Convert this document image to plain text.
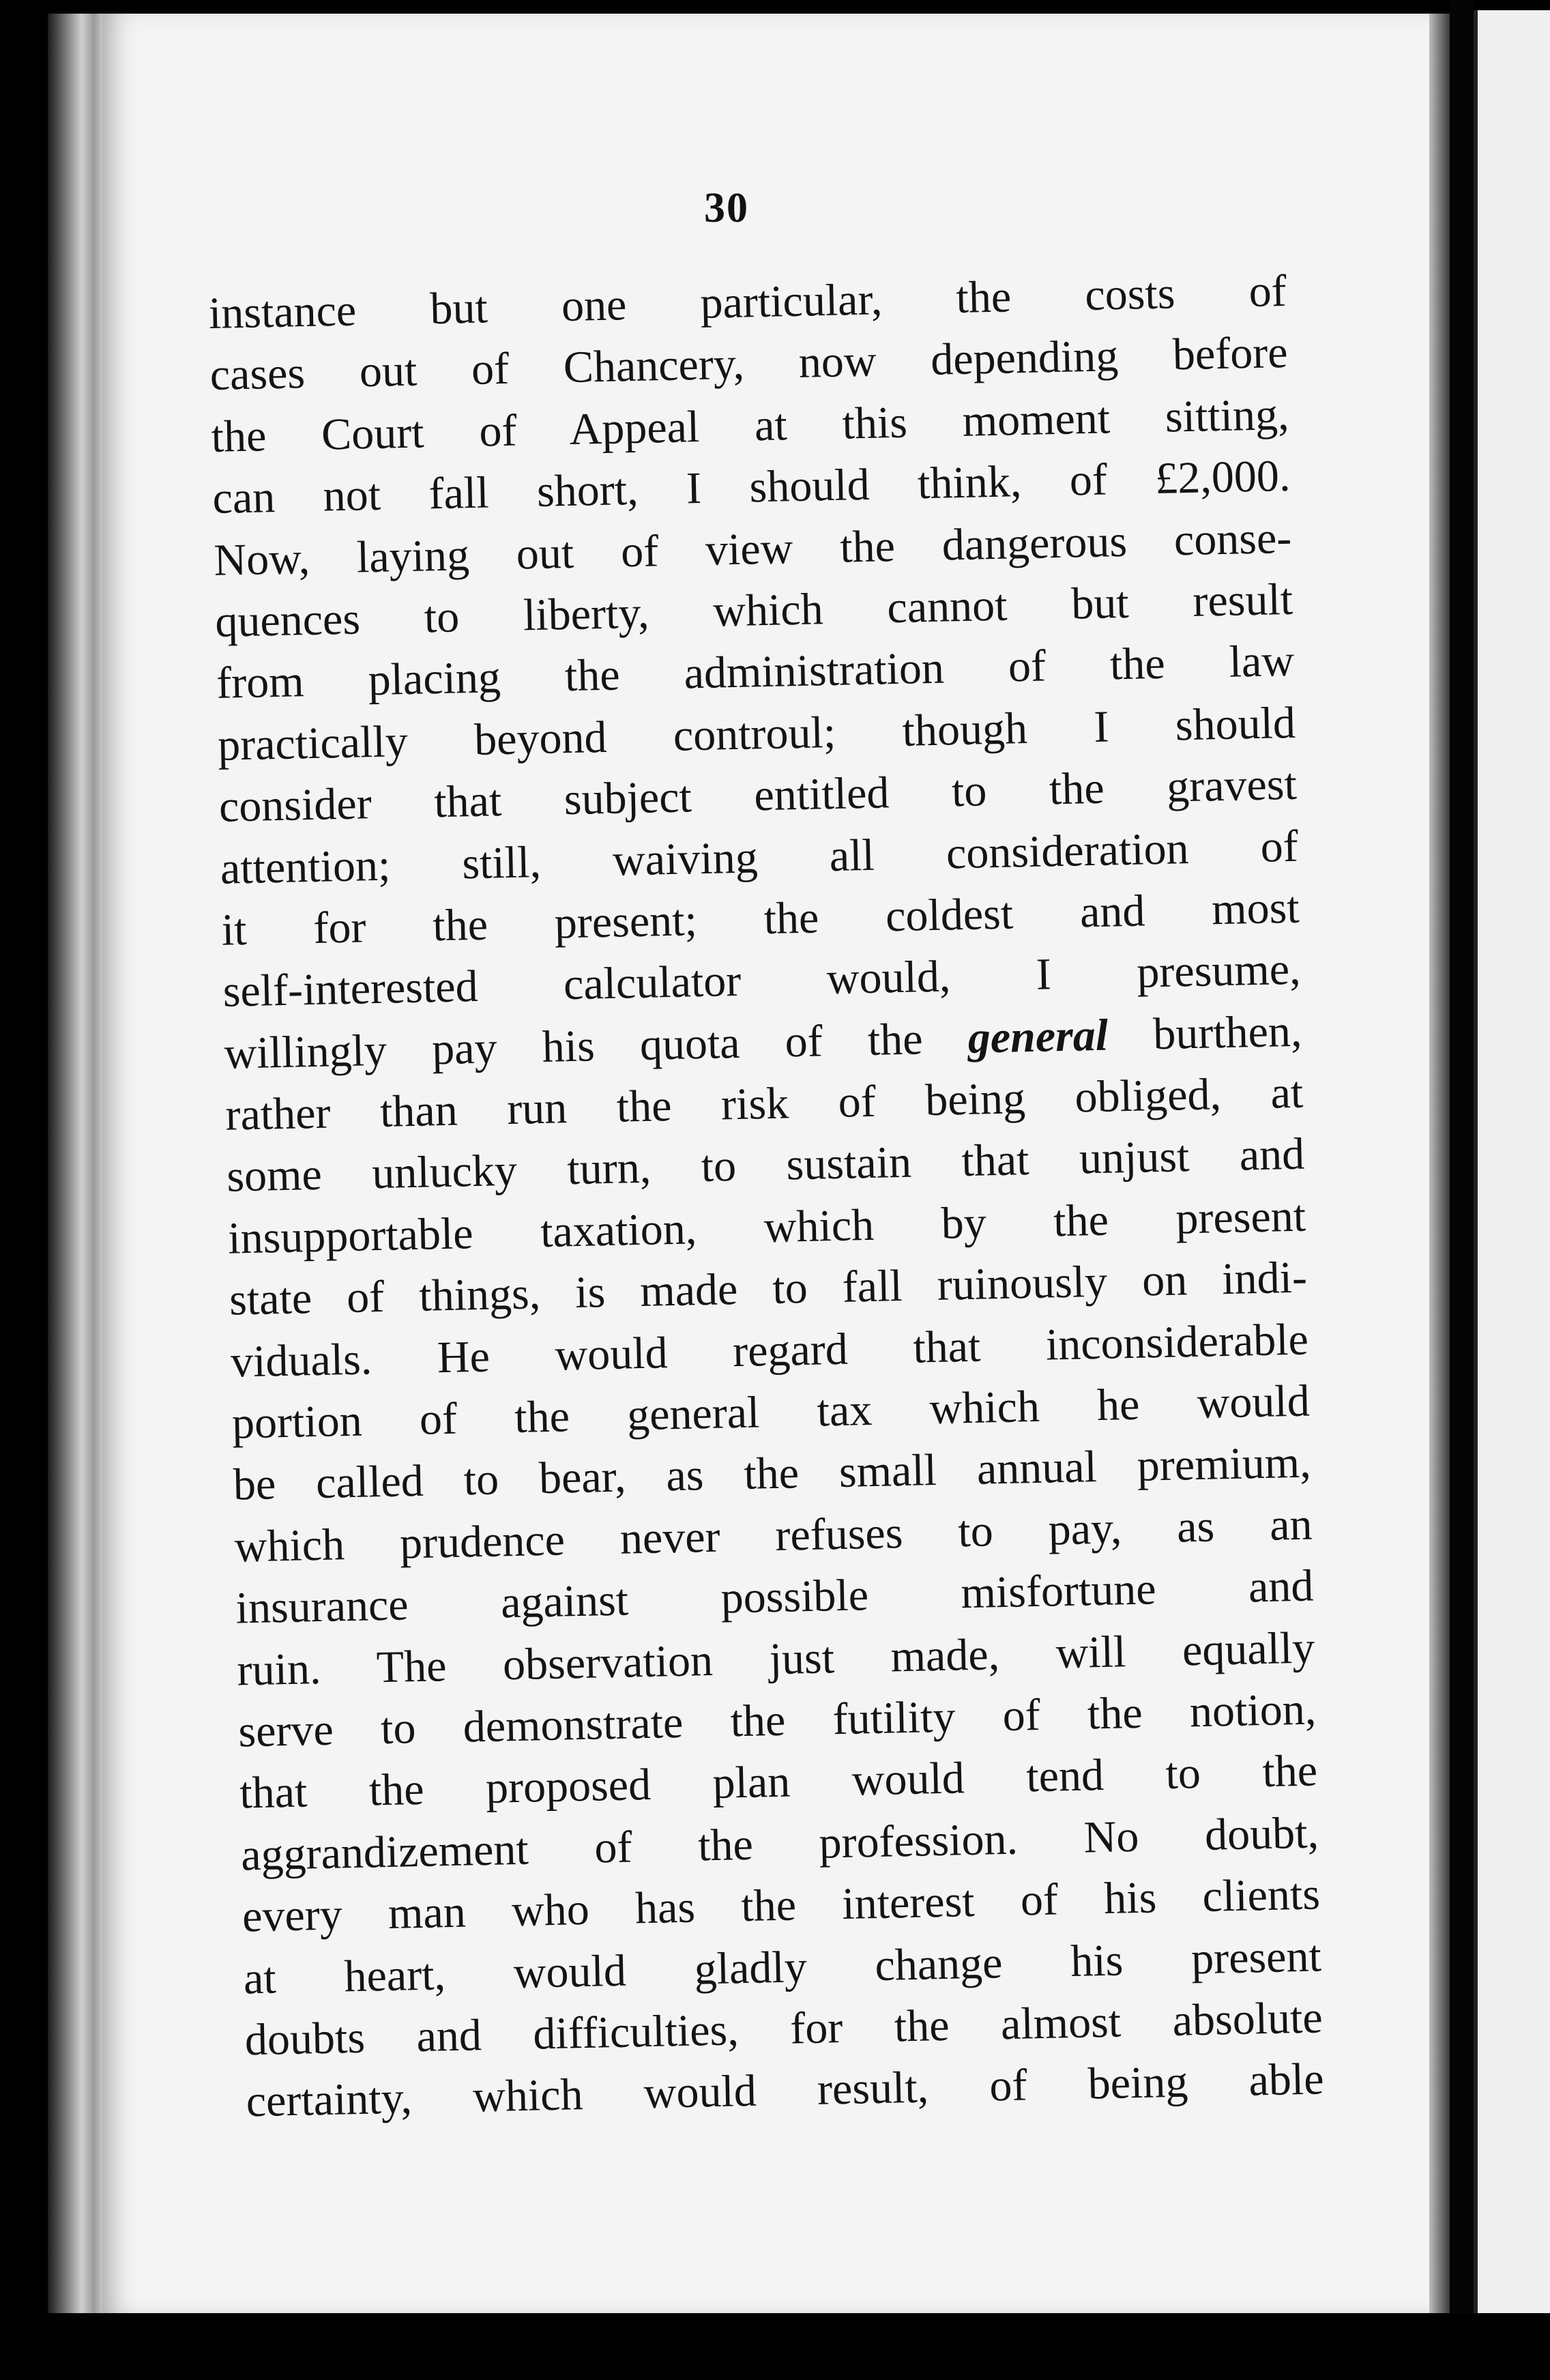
30
instance but one particular, the costs of
cases out of Chancery, now depending before
the Court of Appeal at this moment sitting,
can not fall short, I should think, of £2,000.
Now, laying out of view the dangerous conse-
quences to liberty, which cannot but result
from placing the administration of the law
practically beyond controul; though I should
consider that subject entitled to the gravest
attention; still, waiving all consideration of
it for the present; the coldest and most
self-interested calculator would, I presume,
willingly pay his quota of the general burthen,
rather than run the risk of being obliged, at
some unlucky turn, to sustain that unjust and
insupportable taxation, which by the present
state of things, is made to fall ruinously on indi-
viduals. He would regard that inconsiderable
portion of the general tax which he would
be called to bear, as the small annual premium,
which prudence never refuses to pay, as an
insurance against possible misfortune and
ruin. The observation just made, will equally
serve to demonstrate the futility of the notion,
that the proposed plan would tend to the
aggrandizement of the profession. No doubt,
every man who has the interest of his clients
at heart, would gladly change his present
doubts and difficulties, for the almost absolute
certainty, which would result, of being able
